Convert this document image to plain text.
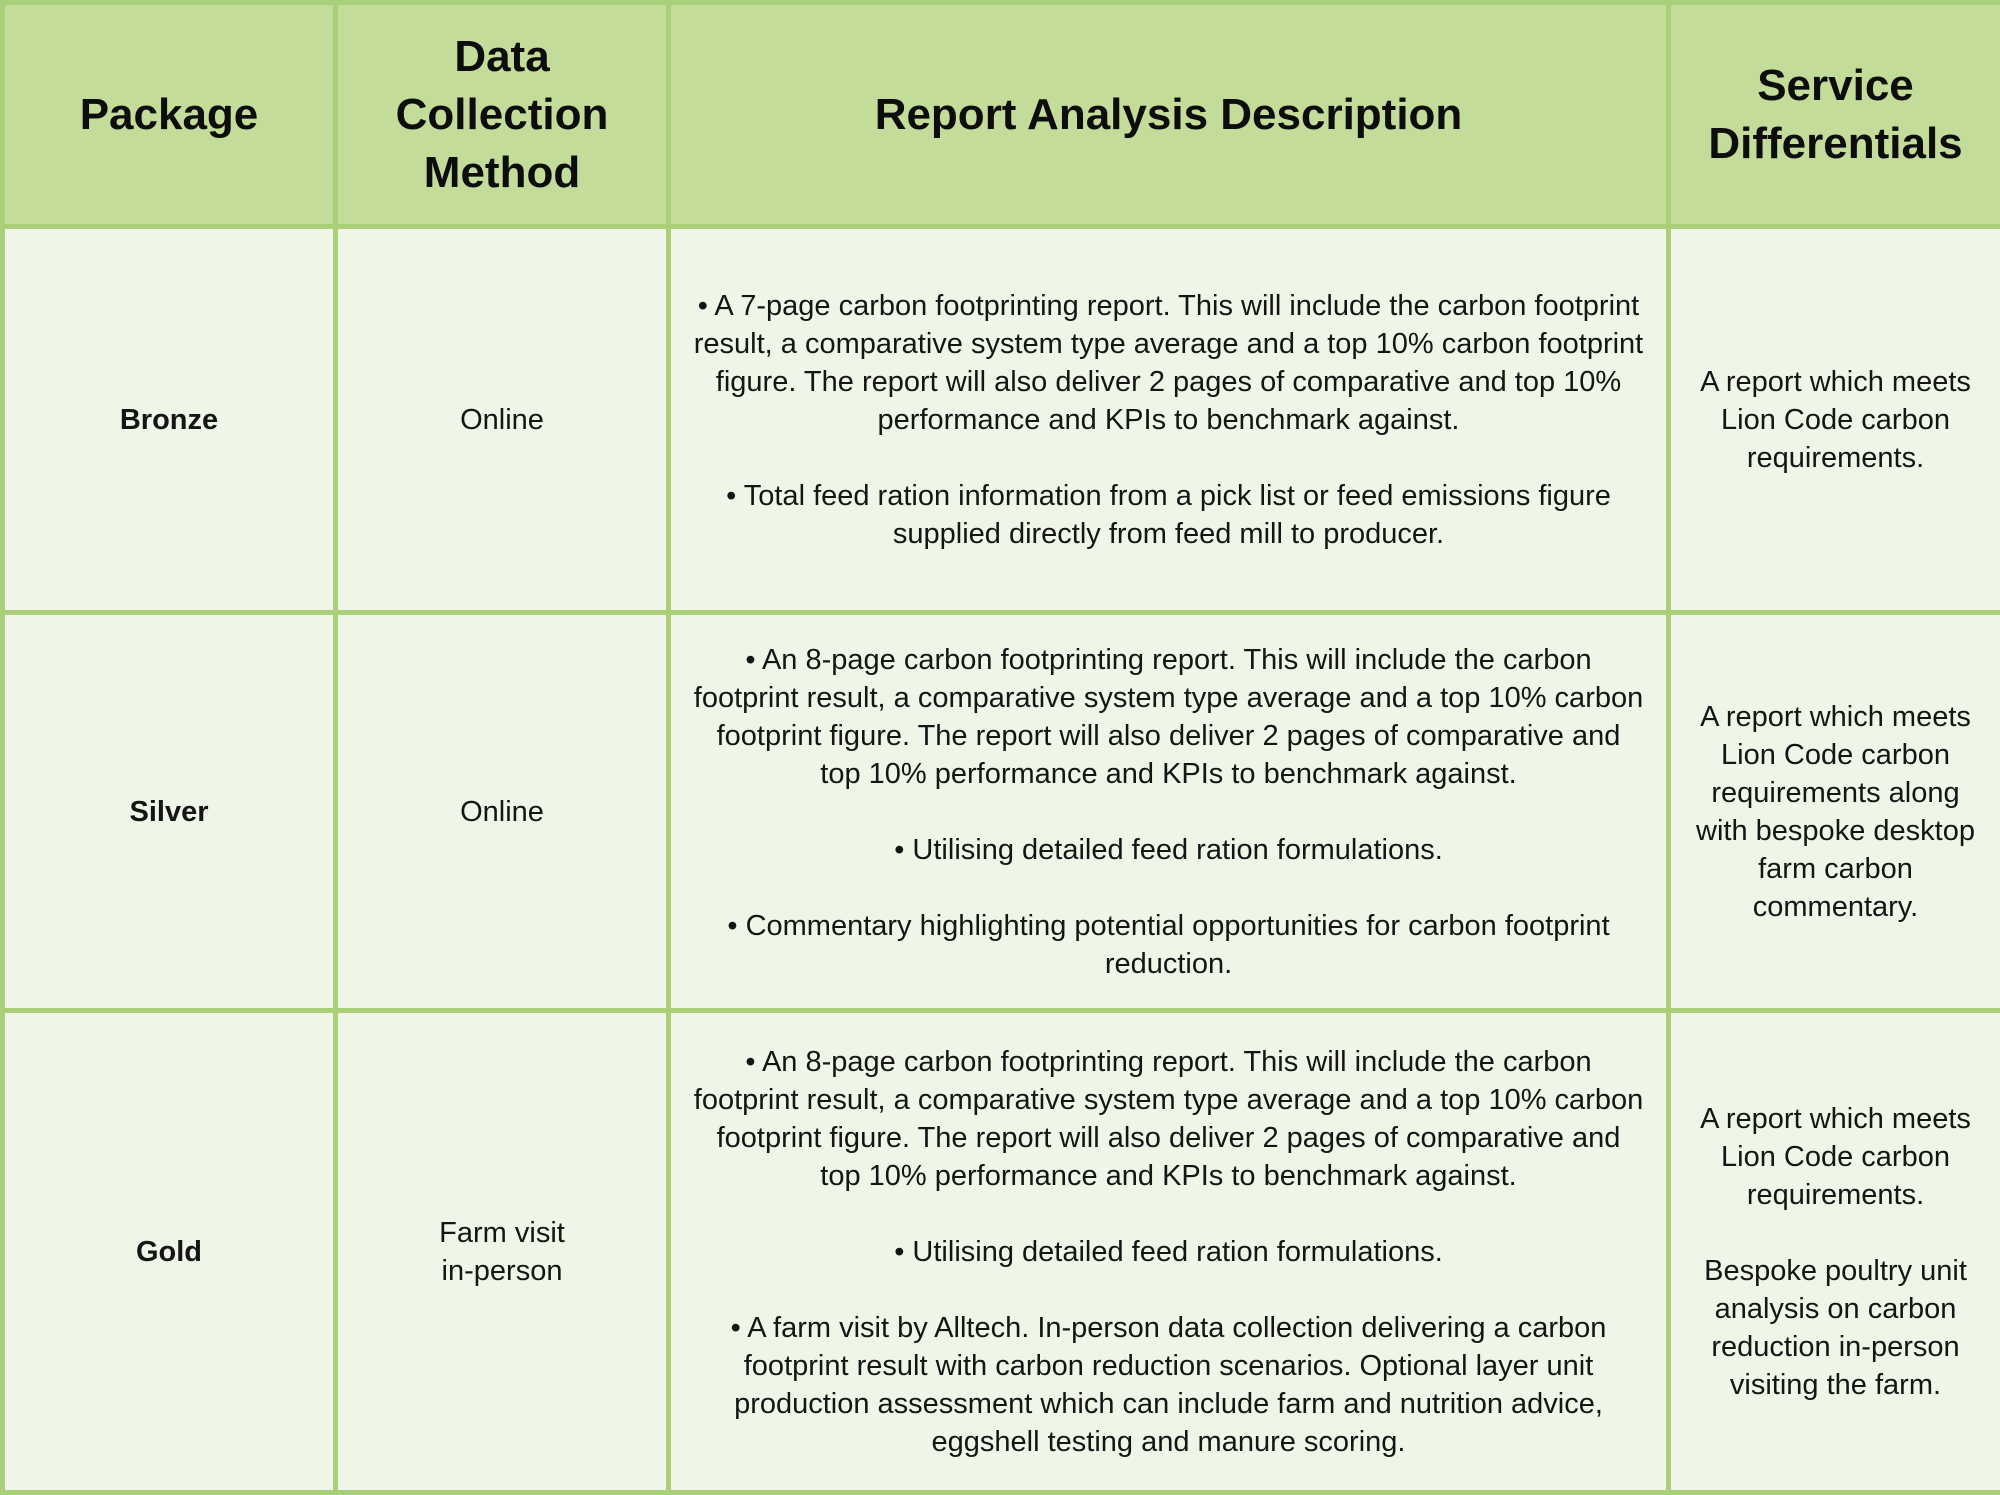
Package	Data Collection Method	Report Analysis Description	Service Differentials
Bronze	Online	• A 7-page carbon footprinting report. This will include the carbon footprint result, a comparative system type average and a top 10% carbon footprint figure. The report will also deliver 2 pages of comparative and top 10% performance and KPIs to benchmark against.
• Total feed ration information from a pick list or feed emissions figure supplied directly from feed mill to producer.	A report which meets Lion Code carbon requirements.

Silver	Online	• An 8-page carbon footprinting report. This will include the carbon footprint result, a comparative system type average and a top 10% carbon footprint figure. The report will also deliver 2 pages of comparative and top 10% performance and KPIs to benchmark against.
• Utilising detailed feed ration formulations.
• Commentary highlighting potential opportunities for carbon footprint reduction.	A report which meets Lion Code carbon requirements along with bespoke desktop farm carbon commentary.

Gold	Farm visit in-person	• An 8-page carbon footprinting report. This will include the carbon footprint result, a comparative system type average and a top 10% carbon footprint figure. The report will also deliver 2 pages of comparative and top 10% performance and KPIs to benchmark against.
• Utilising detailed feed ration formulations.
• A farm visit by Alltech. In-person data collection delivering a carbon footprint result with carbon reduction scenarios. Optional layer unit production assessment which can include farm and nutrition advice, eggshell testing and manure scoring.	A report which meets Lion Code carbon requirements.
Bespoke poultry unit analysis on carbon reduction in-person visiting the farm.
